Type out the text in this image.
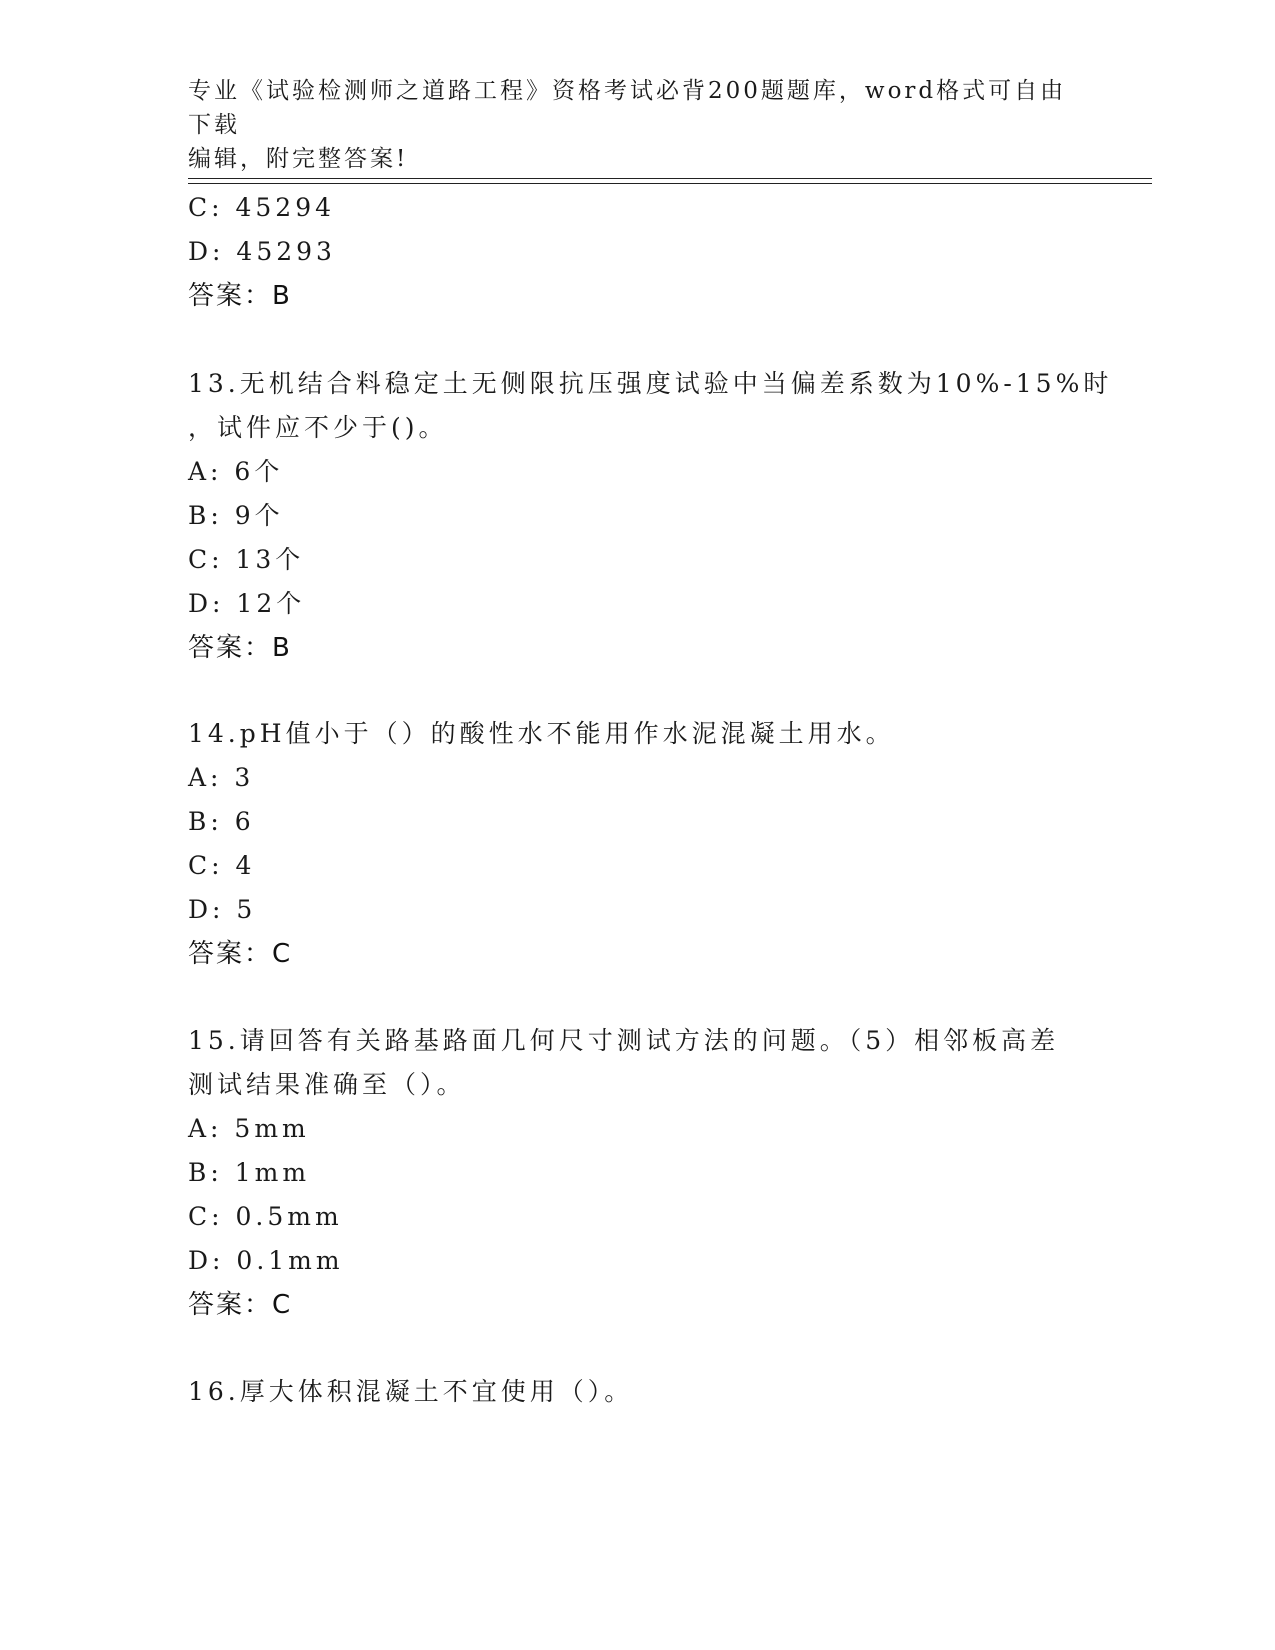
专业《试验检测师之道路工程》资格考试必背200题题库，word格式可自由下载
编辑，附完整答案!
C: 45294
D: 45293
答案：B
13.无机结合料稳定土无侧限抗压强度试验中当偏差系数为10%-15%时
，试件应不少于()。
A: 6个
B: 9个
C: 13个
D: 12个
答案：B
14.pH值小于（）的酸性水不能用作水泥混凝土用水。
A: 3
B: 6
C: 4
D: 5
答案：C
15.请回答有关路基路面几何尺寸测试方法的问题。（5）相邻板高差
测试结果准确至（）。
A: 5mm
B: 1mm
C: 0.5mm
D: 0.1mm
答案：C
16.厚大体积混凝土不宜使用（）。
